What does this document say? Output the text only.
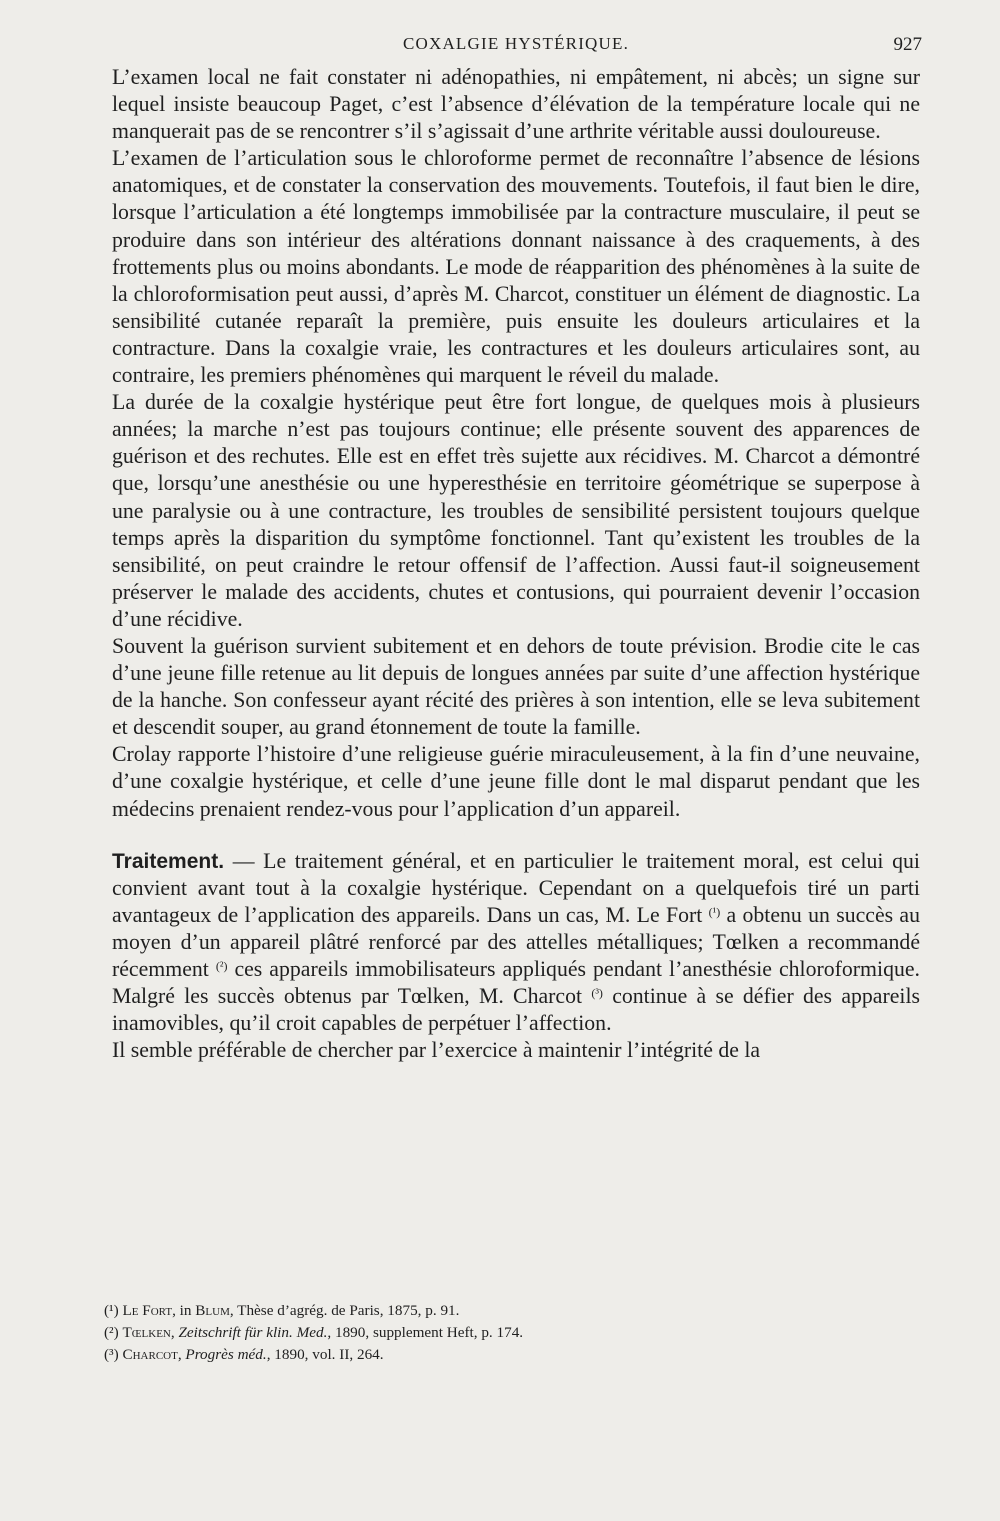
COXALGIE HYSTÉRIQUE.	927

L’examen local ne fait constater ni adénopathies, ni empâtement, ni abcès; un signe sur lequel insiste beaucoup Paget, c’est l’absence d’élévation de la température locale qui ne manquerait pas de se rencontrer s’il s’agissait d’une arthrite véritable aussi douloureuse.

L’examen de l’articulation sous le chloroforme permet de reconnaître l’absence de lésions anatomiques, et de constater la conservation des mouvements. Toutefois, il faut bien le dire, lorsque l’articulation a été longtemps immobilisée par la contracture musculaire, il peut se produire dans son intérieur des altérations donnant naissance à des craquements, à des frottements plus ou moins abondants. Le mode de réapparition des phénomènes à la suite de la chloroformisation peut aussi, d’après M. Charcot, constituer un élément de diagnostic. La sensibilité cutanée reparaît la première, puis ensuite les douleurs articulaires et la contracture. Dans la coxalgie vraie, les contractures et les douleurs articulaires sont, au contraire, les premiers phénomènes qui marquent le réveil du malade.

La durée de la coxalgie hystérique peut être fort longue, de quelques mois à plusieurs années; la marche n’est pas toujours continue; elle présente souvent des apparences de guérison et des rechutes. Elle est en effet très sujette aux récidives. M. Charcot a démontré que, lorsqu’une anesthésie ou une hyperesthésie en territoire géométrique se superpose à une paralysie ou à une contracture, les troubles de sensibilité persistent toujours quelque temps après la disparition du symptôme fonctionnel. Tant qu’existent les troubles de la sensibilité, on peut craindre le retour offensif de l’affection. Aussi faut-il soigneusement préserver le malade des accidents, chutes et contusions, qui pourraient devenir l’occasion d’une récidive.

Souvent la guérison survient subitement et en dehors de toute prévision. Brodie cite le cas d’une jeune fille retenue au lit depuis de longues années par suite d’une affection hystérique de la hanche. Son confesseur ayant récité des prières à son intention, elle se leva subitement et descendit souper, au grand étonnement de toute la famille.

Crolay rapporte l’histoire d’une religieuse guérie miraculeusement, à la fin d’une neuvaine, d’une coxalgie hystérique, et celle d’une jeune fille dont le mal disparut pendant que les médecins prenaient rendez-vous pour l’application d’un appareil.

Traitement. — Le traitement général, et en particulier le traitement moral, est celui qui convient avant tout à la coxalgie hystérique. Cependant on a quelquefois tiré un parti avantageux de l’application des appareils. Dans un cas, M. Le Fort $^{(^1)}$ a obtenu un succès au moyen d’un appareil plâtré renforcé par des attelles métalliques; Tœlken a recommandé récemment $^{(^2)}$ ces appareils immobilisateurs appliqués pendant l’anesthésie chloroformique. Malgré les succès obtenus par Tœlken, M. Charcot $^{(^3)}$ continue à se défier des appareils inamovibles, qu’il croit capables de perpétuer l’affection.

Il semble préférable de chercher par l’exercice à maintenir l’intégrité de la

(¹) Le Fort, in Blum, Thèse d’agrég. de Paris, 1875, p. 91.
(²) Tœlken, Zeitschrift für klin. Med., 1890, supplement Heft, p. 174.
(³) Charcot, Progrès méd., 1890, vol. II, 264.
